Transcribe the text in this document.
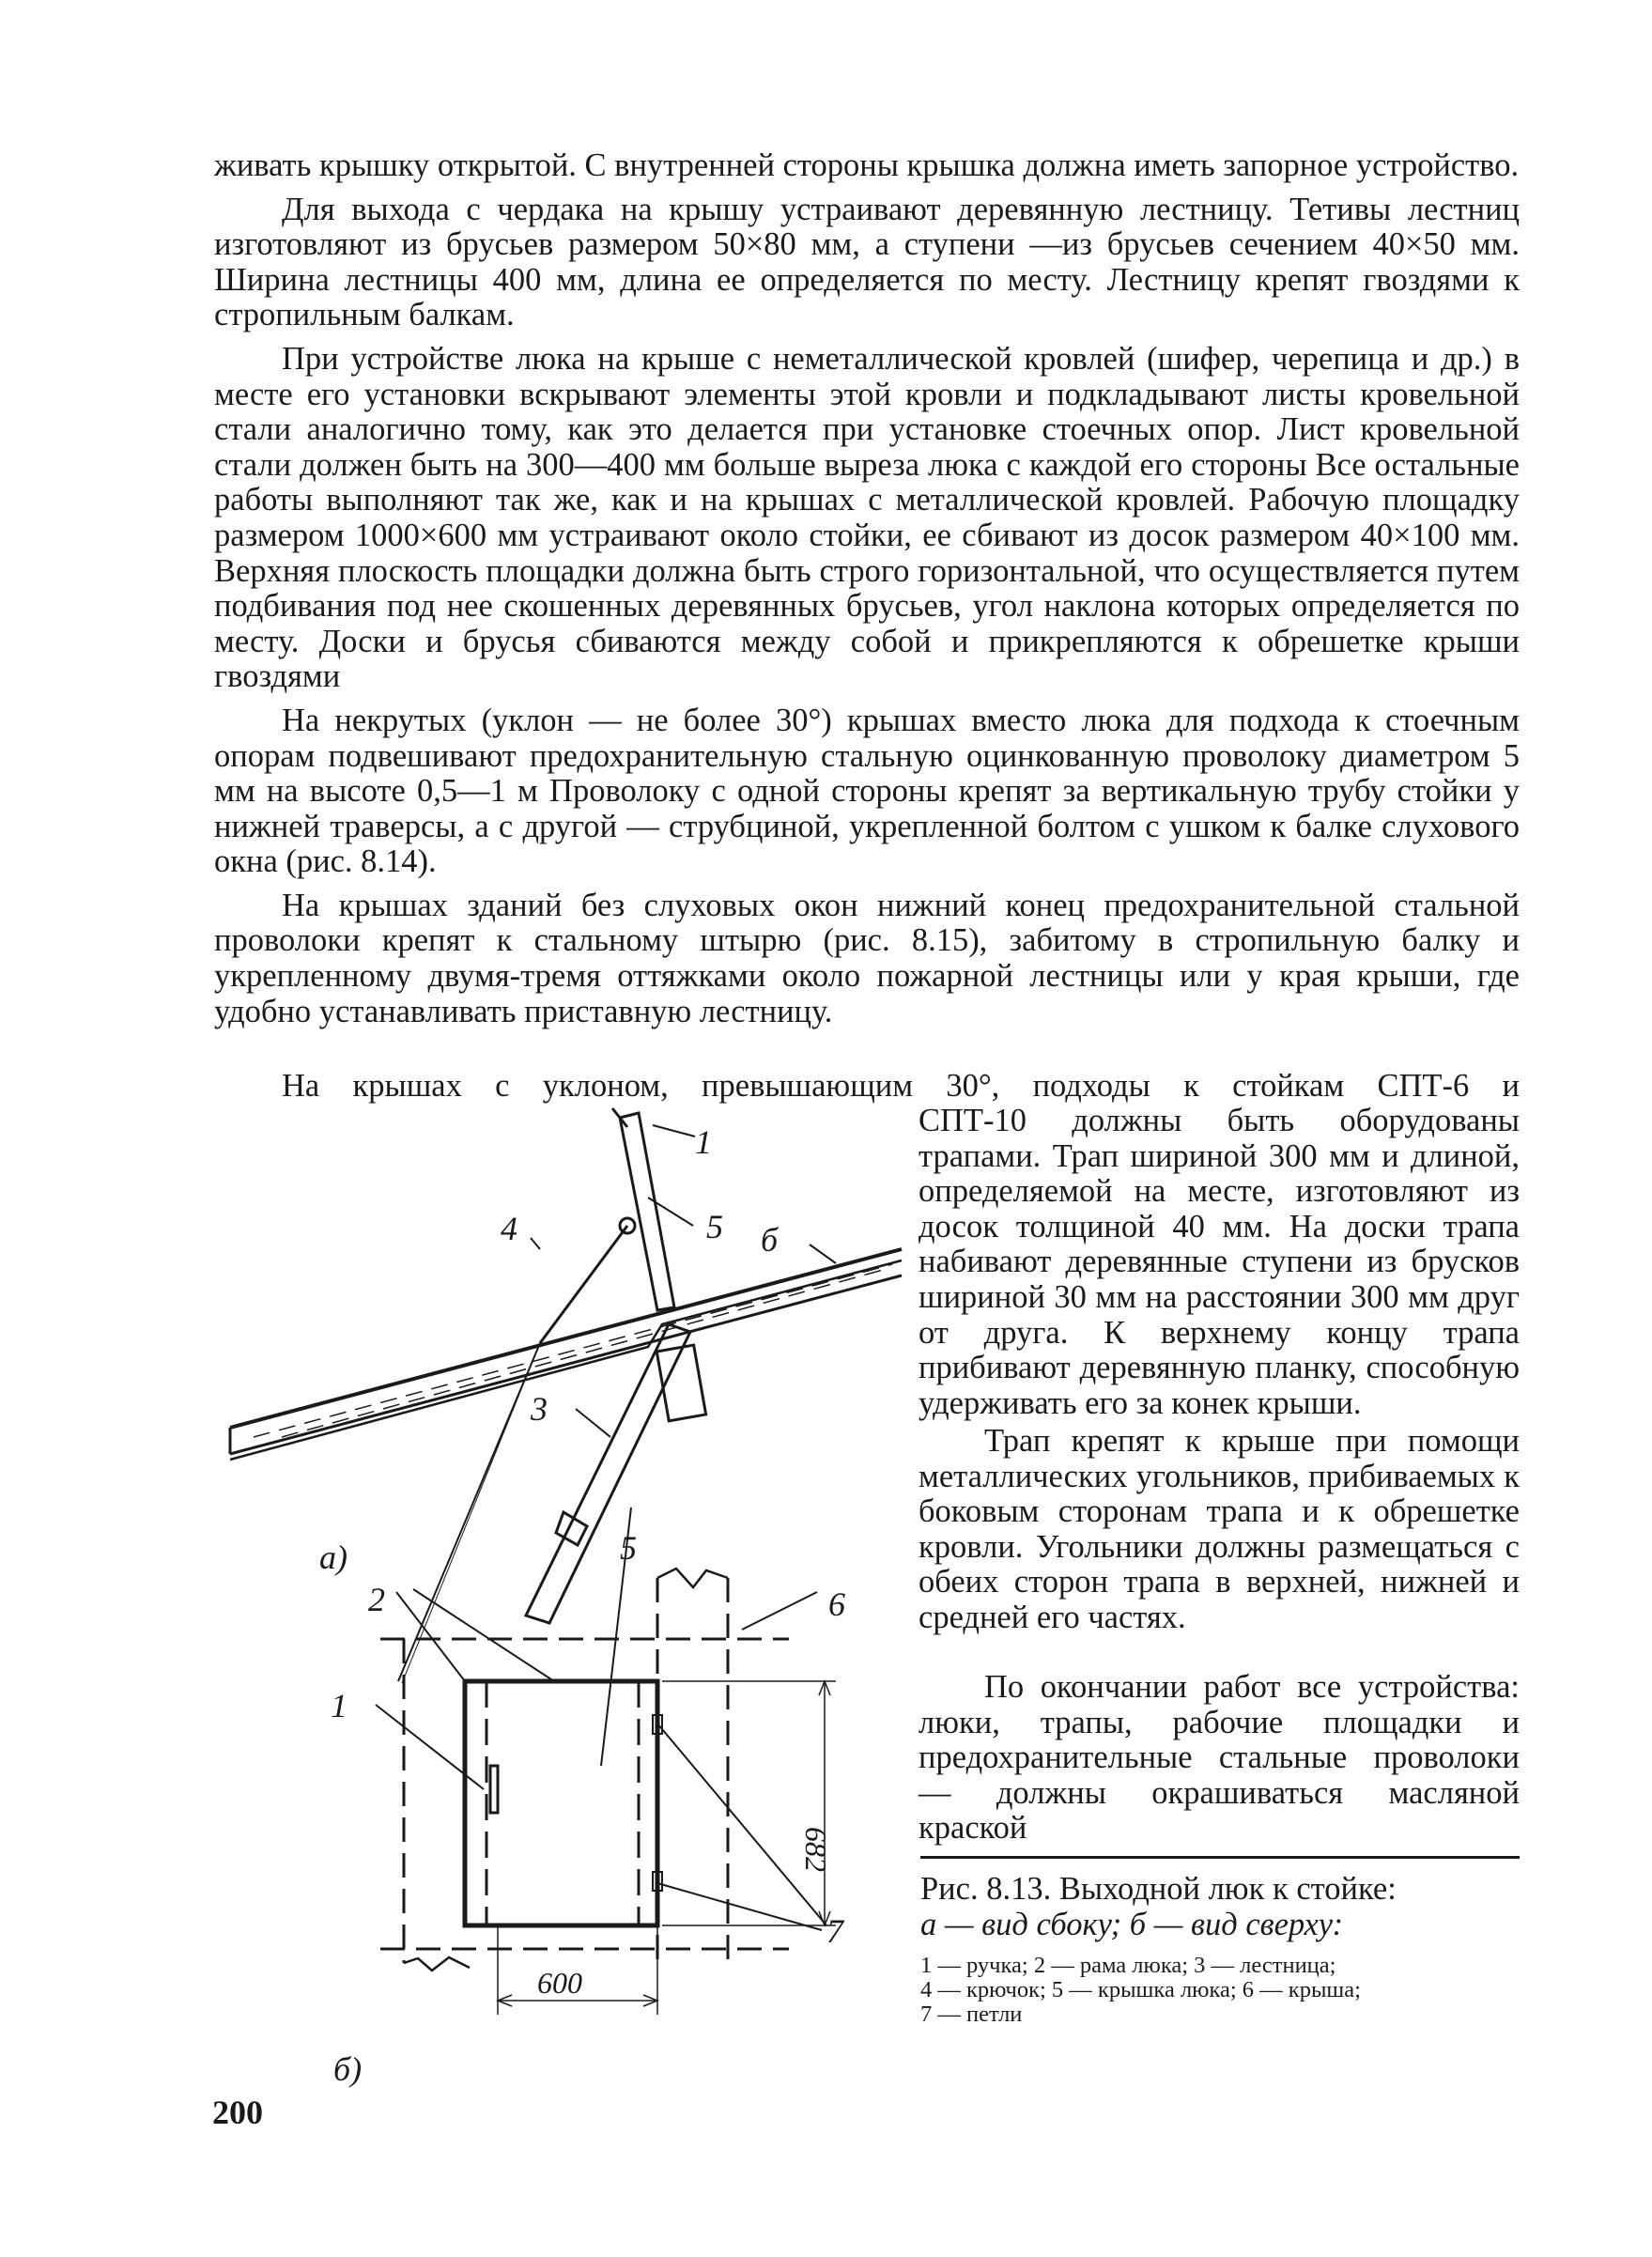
живать крышку открытой. С внутренней стороны крышка должна иметь запорное устройство.

Для выхода с чердака на крышу устраивают деревянную лестницу. Тетивы лестниц изготовляют из брусьев размером 50×80 мм, а ступени —из брусьев сечением 40×50 мм. Ширина лестницы 400 мм, длина ее определяется по месту. Лестницу крепят гвоздями к стропильным балкам.

При устройстве люка на крыше с неметаллической кровлей (шифер, черепица и др.) в месте его установки вскрывают элементы этой кровли и подкладывают листы кровельной стали аналогично тому, как это делается при установке стоечных опор. Лист кровельной стали должен быть на 300—400 мм больше выреза люка с каждой его стороны Все остальные работы выполняют так же, как и на крышах с металлической кровлей. Рабочую площадку размером 1000×600 мм устраивают около стойки, ее сбивают из досок размером 40×100 мм. Верхняя плоскость площадки должна быть строго горизонтальной, что осуществляется путем подбивания под нее скошенных деревянных брусьев, угол наклона которых определяется по месту. Доски и брусья сбиваются между собой и прикрепляются к обрешетке крыши гвоздями

На некрутых (уклон — не более 30°) крышах вместо люка для подхода к стоечным опорам подвешивают предохранительную стальную оцинкованную проволоку диаметром 5 мм на высоте 0,5—1 м Проволоку с одной стороны крепят за вертикальную трубу стойки у нижней траверсы, а с другой — струбциной, укрепленной болтом с ушком к балке слухового окна (рис. 8.14).

На крышах зданий без слуховых окон нижний конец предохранительной стальной проволоки крепят к стальному штырю (рис. 8.15), забитому в стропильную балку и укрепленному двумя-тремя оттяжками около пожарной лестницы или у края крыши, где удобно устанавливать приставную лестницу.

На крышах с уклоном, превышающим 30°, подходы к стойкам СПТ-6 и

СПТ-10 должны быть оборудованы трапами. Трап шириной 300 мм и длиной, определяемой на месте, изготовляют из досок толщиной 40 мм. На доски трапа набивают деревянные ступени из брусков шириной 30 мм на расстоянии 300 мм друг от друга. К верхнему концу трапа прибивают деревянную планку, способную удерживать его за конек крыши.

Трап крепят к крыше при помощи металлических угольников, прибиваемых к боковым сторонам трапа и к обрешетке кровли. Угольники должны размещаться с обеих сторон трапа в верхней, нижней и средней его частях.

По окончании работ все устройства: люки, трапы, рабочие площадки и предохранительные стальные проволоки — должны окрашиваться масляной краской

Рис. 8.13. Выходной люк к стойке:
а — вид сбоку; б — вид сверху:
1 — ручка; 2 — рама люка; 3 — лестница;
4 — крючок; 5 — крышка люка; 6 — крыша;
7 — петли
200
1
5
4	б
3
а)	5
2	6
1
7
б)
682
600
